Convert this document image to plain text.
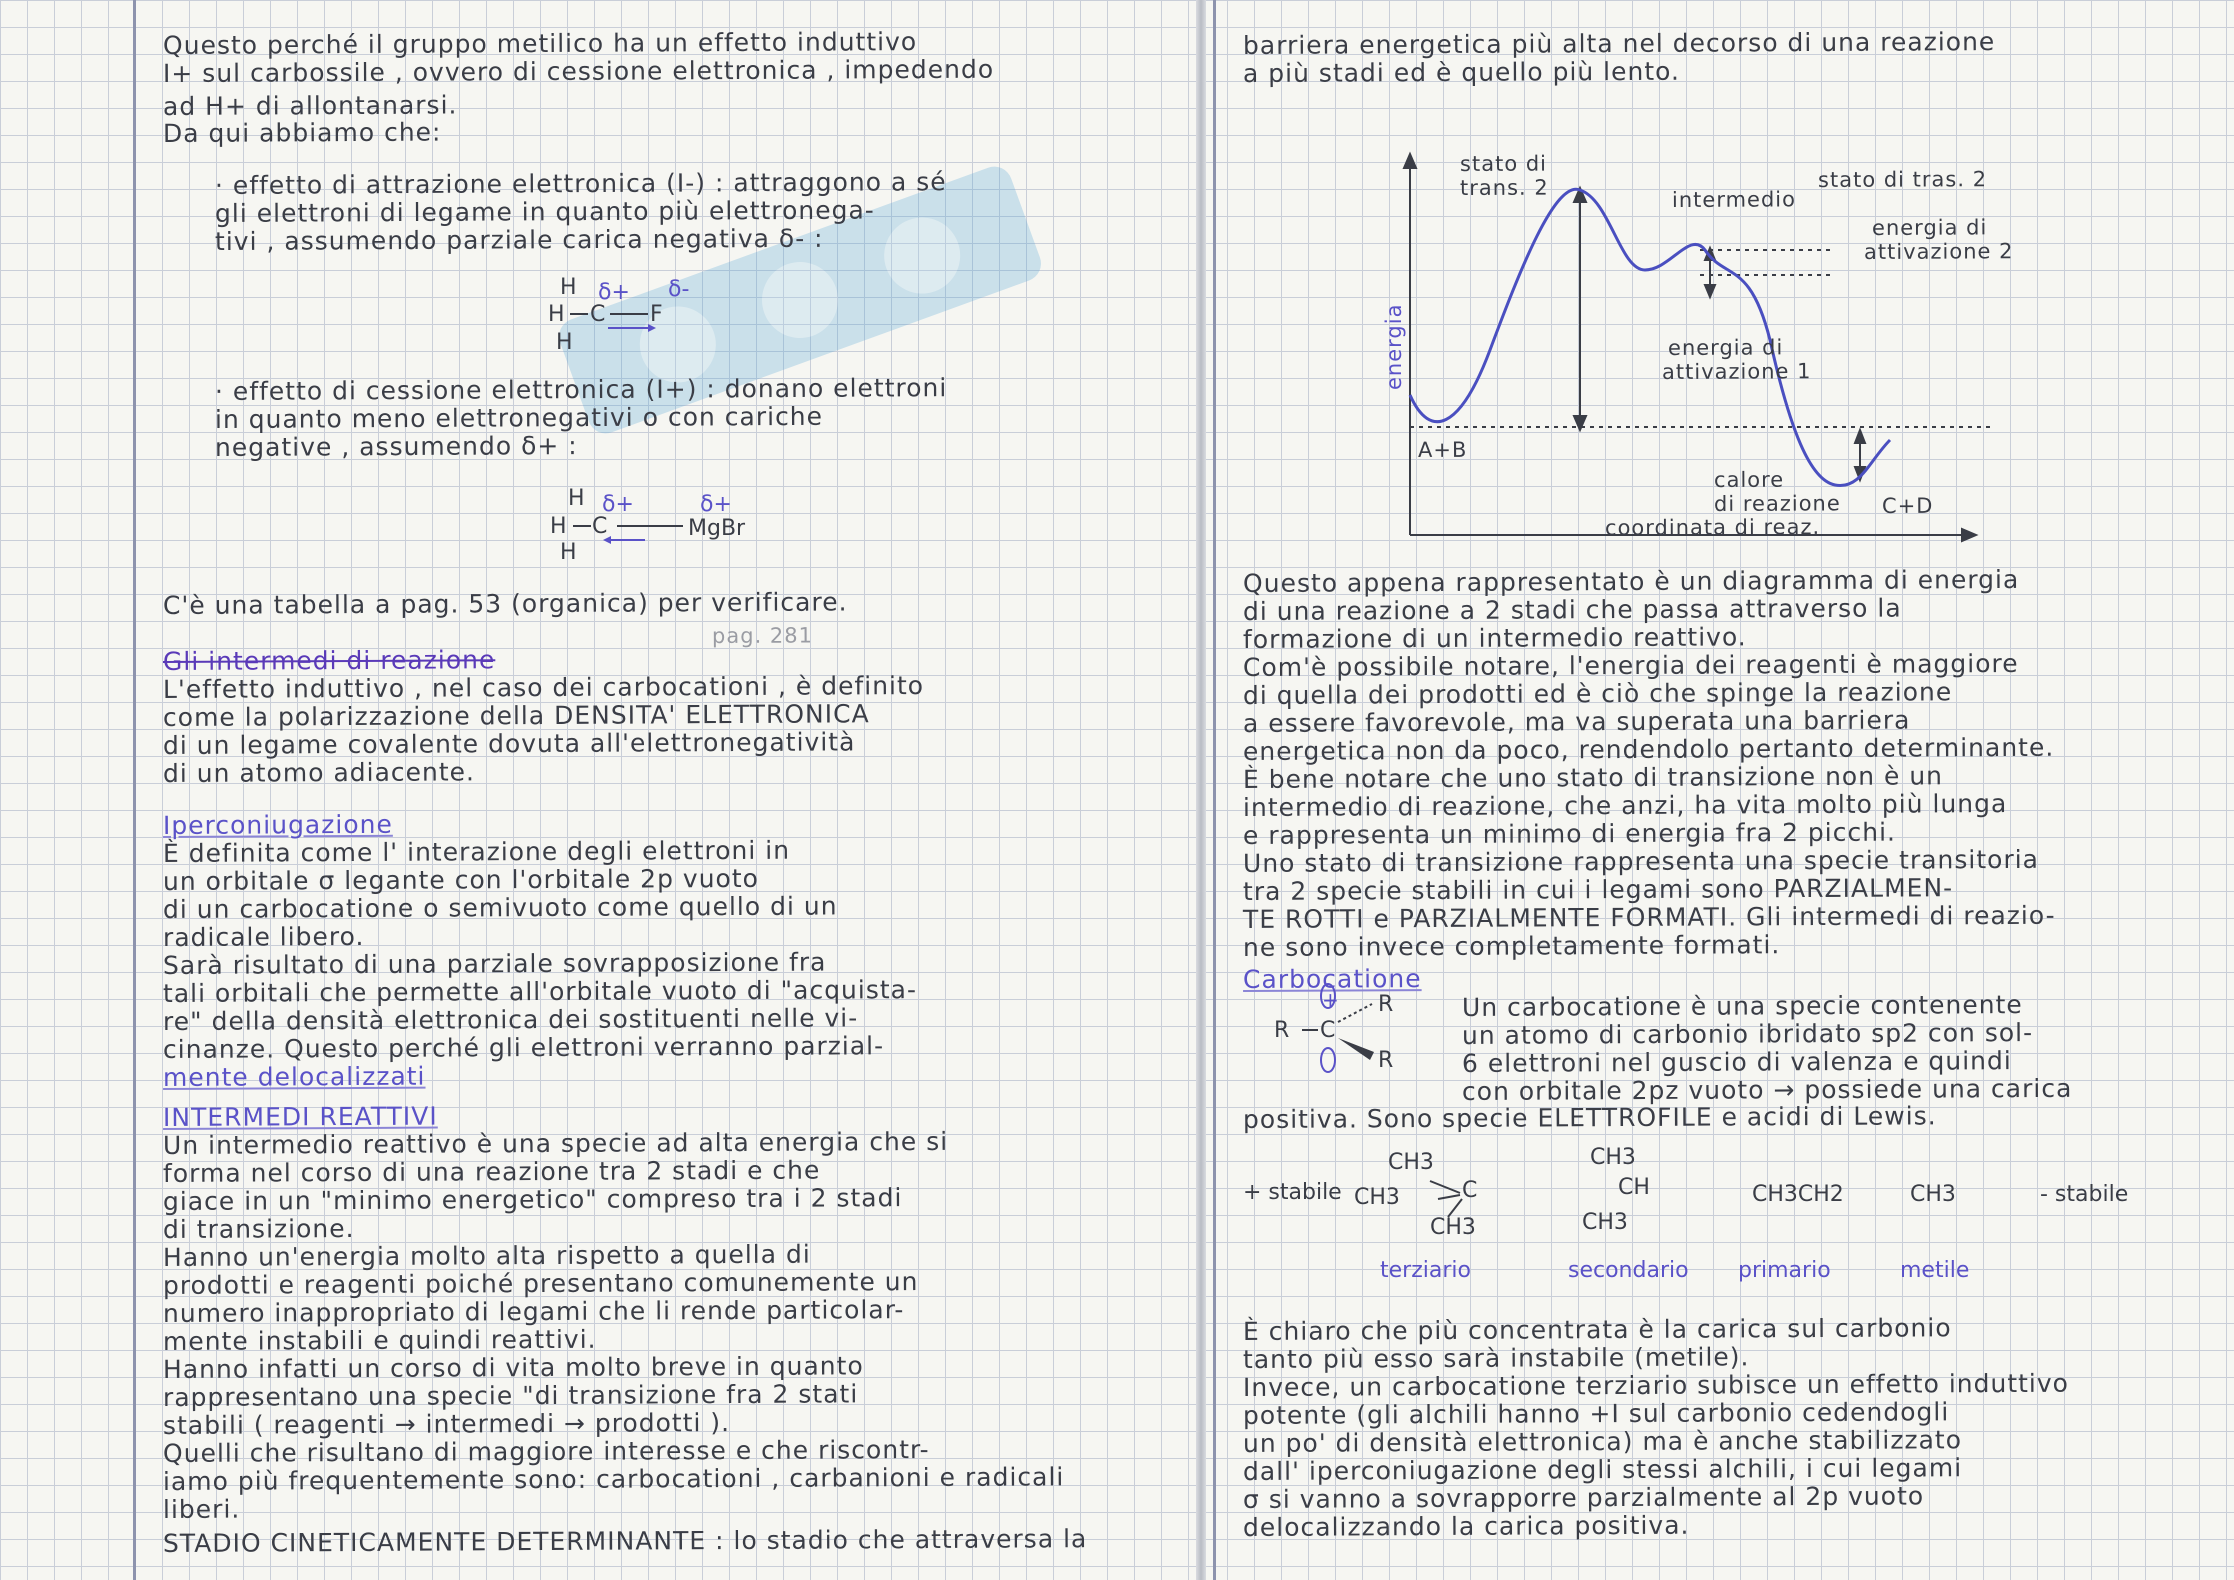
Questo perché il gruppo metilico ha un effetto induttivo
I+ sul carbossile , ovvero di cessione elettronica , impedendo
ad H+ di allontanarsi.
Da qui abbiamo che:
· effetto di attrazione elettronica (I-) : attraggono a sé
gli elettroni di legame in quanto più elettronega-
tivi , assumendo parziale carica negativa δ- :
H δ+
H C F
δ-
H
· effetto di cessione elettronica (I+) : donano elettroni
in quanto meno elettronegativi o con cariche
negative , assumendo δ+ :
H δ+	δ+
H C	MgBr
H
C'è una tabella a pag. 53 (organica) per verificare.
pag. 281
Gli intermedi di reazione
L'effetto induttivo , nel caso dei carbocationi , è definito
come la polarizzazione della DENSITA' ELETTRONICA
di un legame covalente dovuta all'elettronegatività
di un atomo adiacente.
Iperconiugazione
È definita come l' interazione degli elettroni in
un orbitale σ legante con l'orbitale 2p vuoto
di un carbocatione o semivuoto come quello di un
radicale libero.
Sarà risultato di una parziale sovrapposizione fra
tali orbitali che permette all'orbitale vuoto di "acquista-
re" della densità elettronica dei sostituenti nelle vi-
cinanze. Questo perché gli elettroni verranno parzial-
mente delocalizzati
INTERMEDI REATTIVI
Un intermedio reattivo è una specie ad alta energia che si
forma nel corso di una reazione tra 2 stadi e che
giace in un "minimo energetico" compreso tra i 2 stadi
di transizione.
Hanno un'energia molto alta rispetto a quella di
prodotti e reagenti poiché presentano comunemente un
numero inappropriato di legami che li rende particolar-
mente instabili e quindi reattivi.
Hanno infatti un corso di vita molto breve in quanto
rappresentano una specie "di transizione fra 2 stati
stabili ( reagenti → intermedi → prodotti ).
Quelli che risultano di maggiore interesse e che riscontr-
iamo più frequentemente sono: carbocationi , carbanioni e radicali
liberi.
STADIO CINETICAMENTE DETERMINANTE : lo stadio che attraversa la
barriera energetica più alta nel decorso di una reazione
a più stadi ed è quello più lento.
energia
coordinata di reaz.
stato di
trans. 2	intermedio
stato di tras. 2
energia di
attivazione 2
energia di
attivazione 1
A+B
calore
di reazione C+D
Questo appena rappresentato è un diagramma di energia
di una reazione a 2 stadi che passa attraverso la
formazione di un intermedio reattivo.
Com'è possibile notare, l'energia dei reagenti è maggiore
di quella dei prodotti ed è ciò che spinge la reazione
a essere favorevole, ma va superata una barriera
energetica non da poco, rendendolo pertanto determinante.
È bene notare che uno stato di transizione non è un
intermedio di reazione, che anzi, ha vita molto più lunga
e rappresenta un minimo di energia fra 2 picchi.
Uno stato di transizione rappresenta una specie transitoria
tra 2 specie stabili in cui i legami sono PARZIALMEN-
TE ROTTI e PARZIALMENTE FORMATI. Gli intermedi di reazio-
ne sono invece completamente formati.
Carbocatione
+ R
R C
R
Un carbocatione è una specie contenente
un atomo di carbonio ibridato sp2 con sol-
6 elettroni nel guscio di valenza e quindi
con orbitale 2pz vuoto → possiede una carica
positiva. Sono specie ELETTROFILE e acidi di Lewis.
+ stabile
CH3
CH3	C
CH3
CH3
CH
CH3
CH3CH2	CH3	- stabile
terziario	secondario primario	metile
È chiaro che più concentrata è la carica sul carbonio
tanto più esso sarà instabile (metile).
Invece, un carbocatione terziario subisce un effetto induttivo
potente (gli alchili hanno +I sul carbonio cedendogli
un po' di densità elettronica) ma è anche stabilizzato
dall' iperconiugazione degli stessi alchili, i cui legami
σ si vanno a sovrapporre parzialmente al 2p vuoto
delocalizzando la carica positiva.
